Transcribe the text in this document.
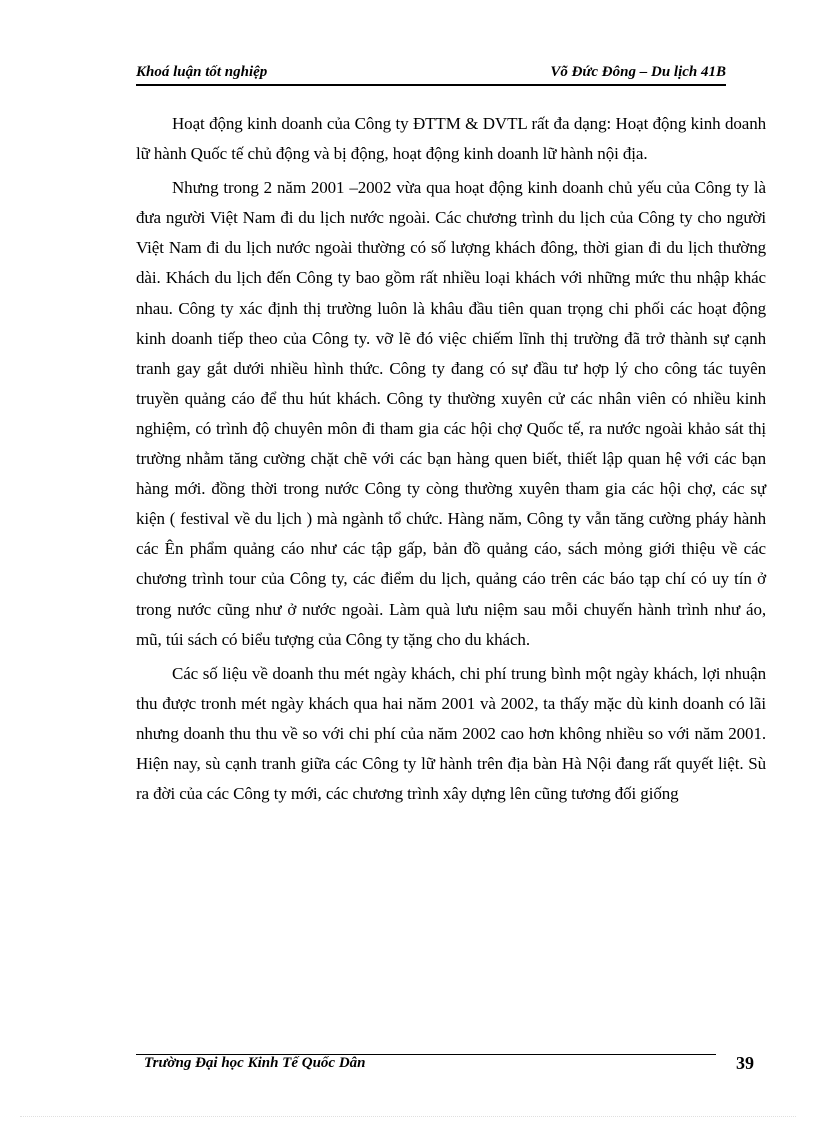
Khoá luận tốt nghiệp	Võ Đức Đông – Du lịch 41B

Hoạt động kinh doanh của Công ty ĐTTM & DVTL rất đa dạng: Hoạt động kinh doanh lữ hành Quốc tế chủ động và bị động, hoạt động kinh doanh lữ hành nội địa.

Nhưng trong 2 năm 2001 –2002 vừa qua hoạt động kinh doanh chủ yếu của Công ty là đưa người Việt Nam đi du lịch nước ngoài. Các chương trình du lịch của Công ty cho người Việt Nam đi du lịch nước ngoài thường có số lượng khách đông, thời gian đi du lịch thường dài. Khách du lịch đến Công ty bao gồm rất nhiều loại khách với những mức thu nhập khác nhau. Công ty xác định thị trường luôn là khâu đầu tiên quan trọng chi phối các hoạt động kinh doanh tiếp theo của Công ty. vỡ lẽ đó việc chiếm lĩnh thị trường đã trở thành sự cạnh tranh gay gắt dưới nhiều hình thức. Công ty đang có sự đầu tư hợp lý cho công tác tuyên truyền quảng cáo để thu hút khách. Công ty thường xuyên cử các nhân viên có nhiều kinh nghiệm, có trình độ chuyên môn đi tham gia các hội chợ Quốc tế, ra nước ngoài khảo sát thị trường nhằm tăng cường chặt chẽ với các bạn hàng quen biết, thiết lập quan hệ với các bạn hàng mới. đồng thời trong nước Công ty còng thường xuyên tham gia các hội chợ, các sự kiện ( festival về du lịch ) mà ngành tổ chức. Hàng năm, Công ty vẫn tăng cường pháy hành các Ên phẩm quảng cáo như các tập gấp, bản đồ quảng cáo, sách mỏng giới thiệu về các chương trình tour của Công ty, các điểm du lịch, quảng cáo trên các báo tạp chí có uy tín ở trong nước cũng như ở nước ngoài. Làm quà lưu niệm sau mỗi chuyến hành trình như áo, mũ, túi sách có biểu tượng của Công ty tặng cho du khách.

Các số liệu về doanh thu mét ngày khách, chi phí trung bình một ngày khách, lợi nhuận thu được tronh mét ngày khách qua hai năm 2001 và 2002, ta thấy mặc dù kinh doanh có lãi nhưng doanh thu thu về so với chi phí của năm 2002 cao hơn không nhiều so với năm 2001. Hiện nay, sù cạnh tranh giữa các Công ty lữ hành trên địa bàn Hà Nội đang rất quyết liệt. Sù ra đời của các Công ty mới, các chương trình xây dựng lên cũng tương đối giống

Trường Đại học Kinh Tế Quốc Dân	39
